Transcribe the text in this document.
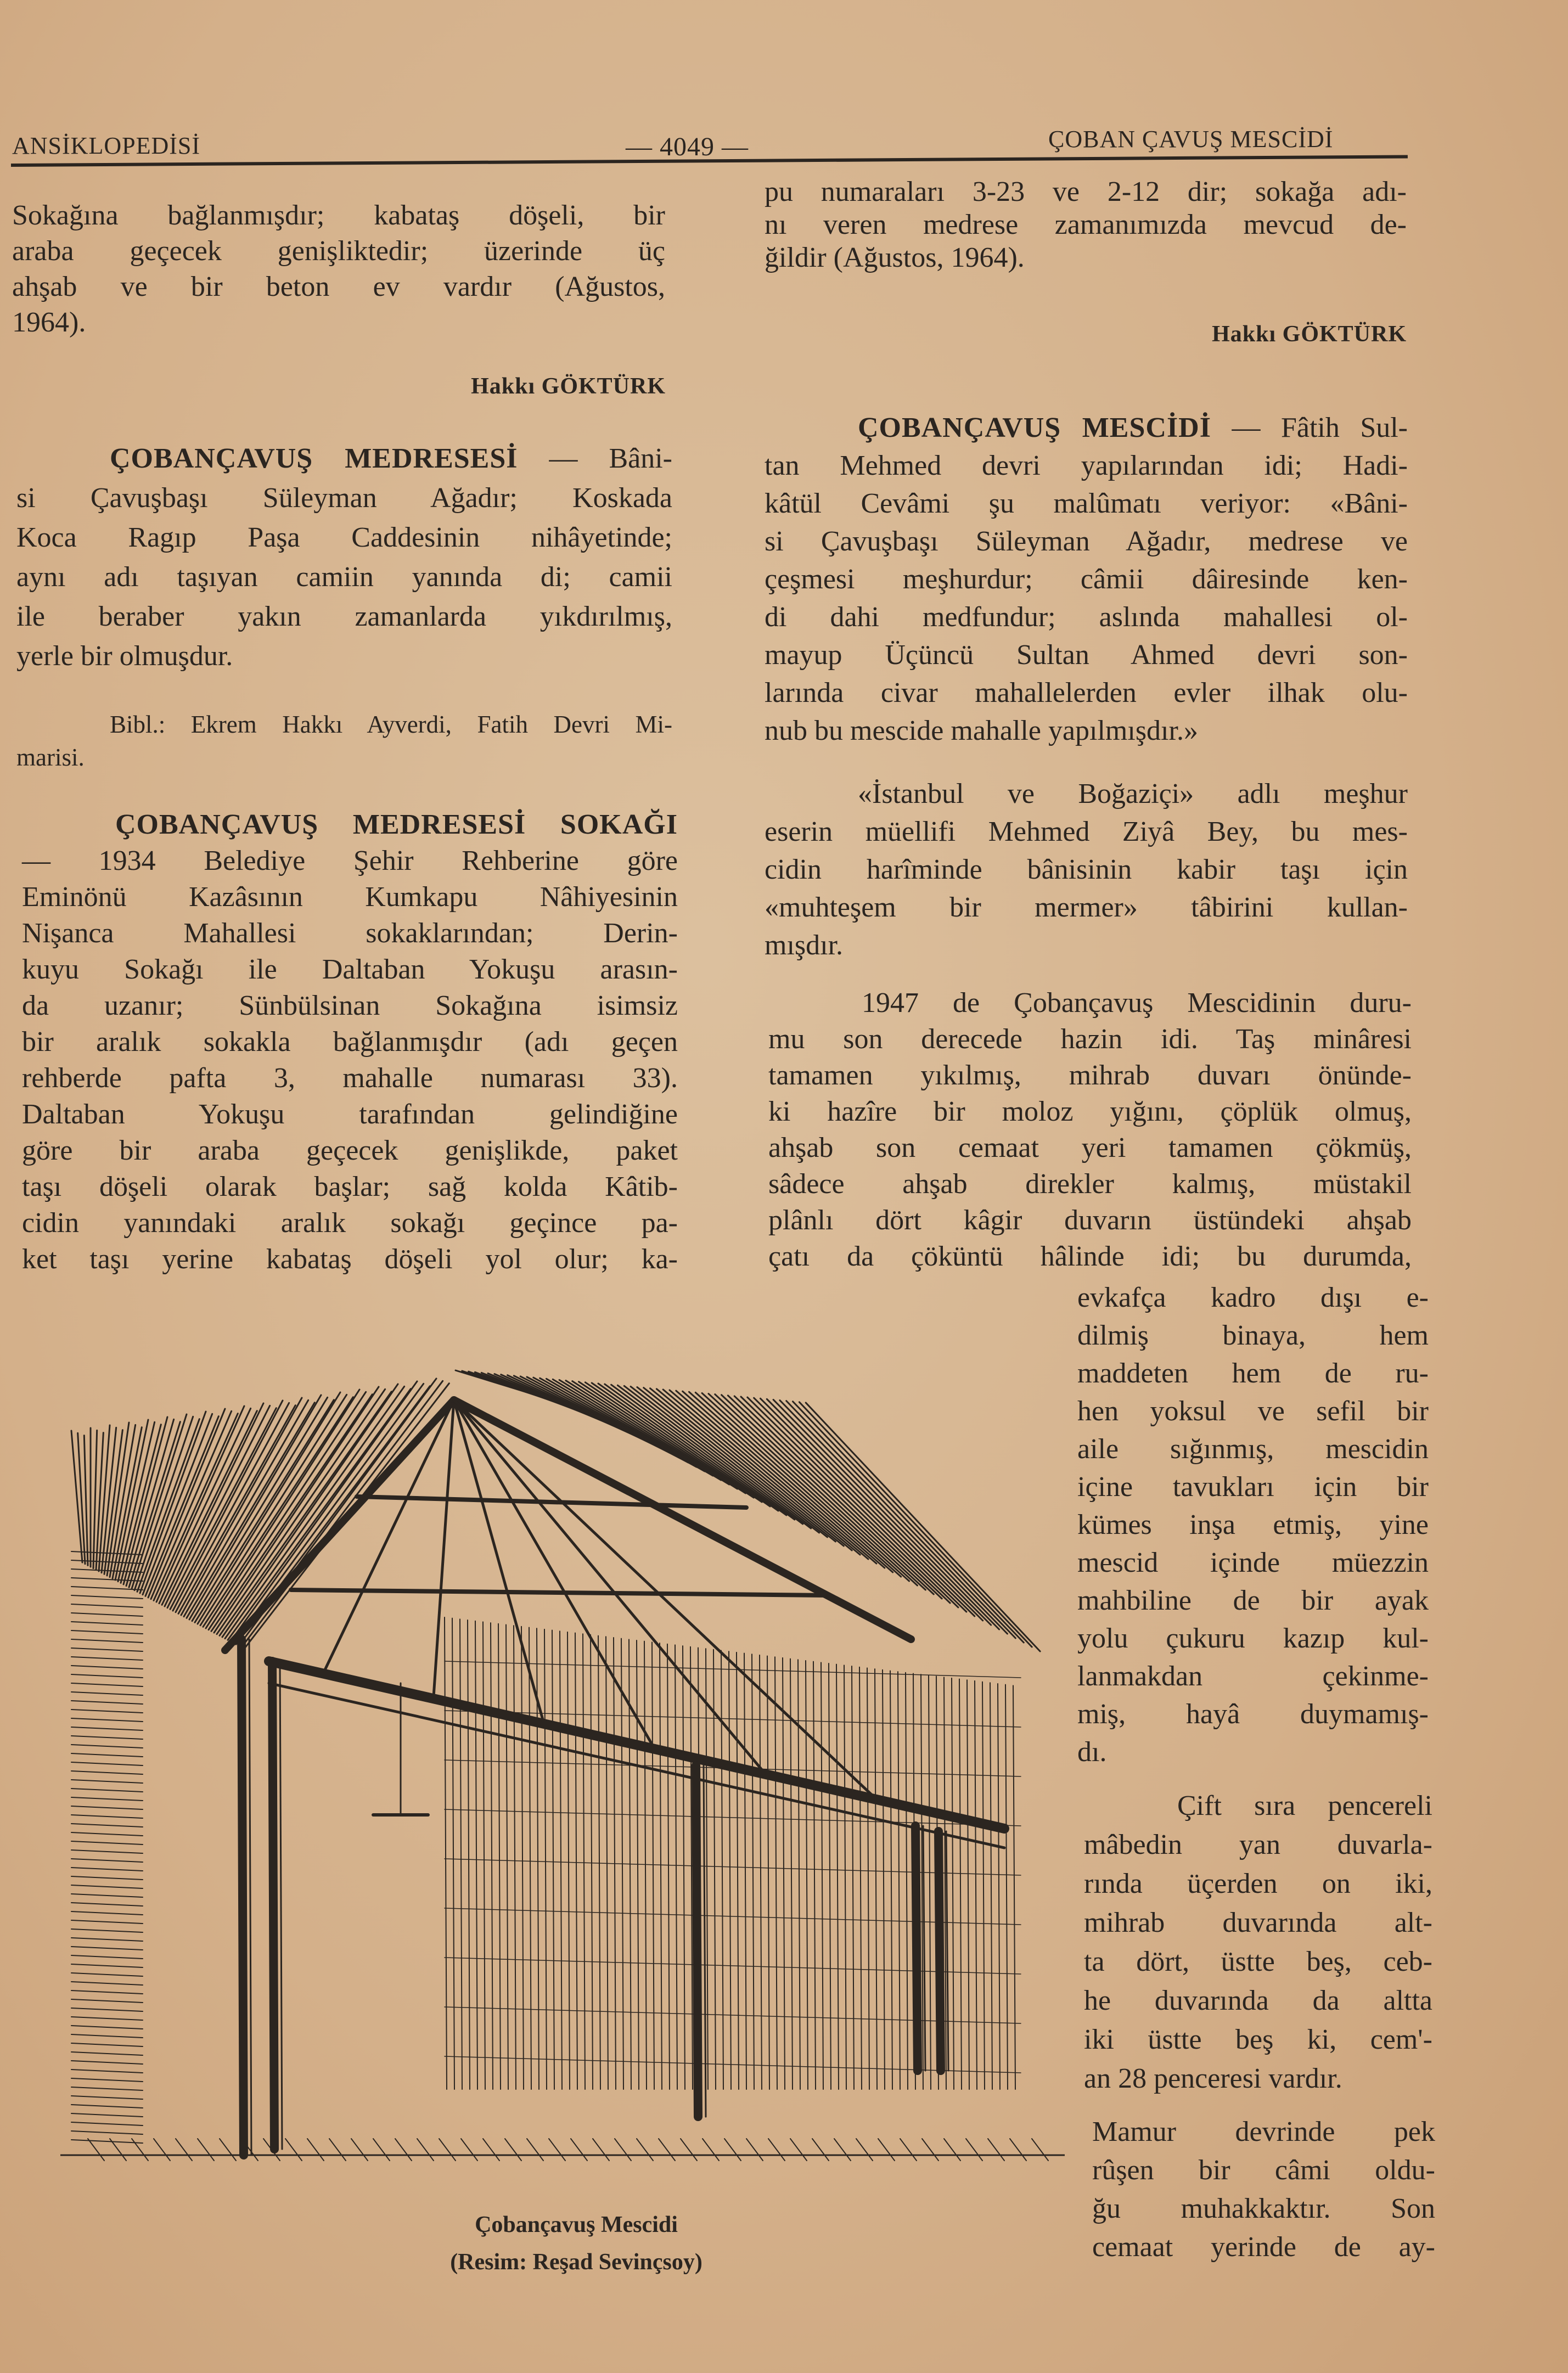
ANSİKLOPEDİSİ	— 4049 —	ÇOBAN ÇAVUŞ MESCİDİ
Sokağına bağlanmışdır; kabataş döşeli, bir
araba geçecek genişliktedir; üzerinde üç
ahşab ve bir beton ev vardır (Ağustos,
1964).
Hakkı GÖKTÜRK
ÇOBANÇAVUŞ MEDRESESİ — Bâni-
si Çavuşbaşı Süleyman Ağadır; Koskada
Koca Ragıp Paşa Caddesinin nihâyetinde;
aynı adı taşıyan camiin yanında di; camii
ile beraber yakın zamanlarda yıkdırılmış,
yerle bir olmuşdur.
Bibl.: Ekrem Hakkı Ayverdi, Fatih Devri Mi-
marisi.
ÇOBANÇAVUŞ MEDRESESİ SOKAĞI
— 1934 Belediye Şehir Rehberine göre
Eminönü Kazâsının Kumkapu Nâhiyesinin
Nişanca Mahallesi sokaklarından; Derin-
kuyu Sokağı ile Daltaban Yokuşu arasın-
da uzanır; Sünbülsinan Sokağına isimsiz
bir aralık sokakla bağlanmışdır (adı geçen
rehberde pafta 3, mahalle numarası 33).
Daltaban Yokuşu tarafından gelindiğine
göre bir araba geçecek genişlikde, paket
taşı döşeli olarak başlar; sağ kolda Kâtib-
cidin yanındaki aralık sokağı geçince pa-
ket taşı yerine kabataş döşeli yol olur; ka-
Çobançavuş Mescidi
(Resim: Reşad Sevinçsoy)
pu numaraları 3-23 ve 2-12 dir; sokağa adı-
nı veren medrese zamanımızda mevcud de-
ğildir (Ağustos, 1964).
Hakkı GÖKTÜRK
ÇOBANÇAVUŞ MESCİDİ — Fâtih Sul-
tan Mehmed devri yapılarından idi; Hadi-
kâtül Cevâmi şu malûmatı veriyor: «Bâni-
si Çavuşbaşı Süleyman Ağadır, medrese ve
çeşmesi meşhurdur; câmii dâiresinde ken-
di dahi medfundur; aslında mahallesi ol-
mayup Üçüncü Sultan Ahmed devri son-
larında civar mahallelerden evler ilhak olu-
nub bu mescide mahalle yapılmışdır.»
«İstanbul ve Boğaziçi» adlı meşhur
eserin müellifi Mehmed Ziyâ Bey, bu mes-
cidin harîminde bânisinin kabir taşı için
«muhteşem bir mermer» tâbirini kullan-
mışdır.
1947 de Çobançavuş Mescidinin duru-
mu son derecede hazin idi. Taş minâresi
tamamen yıkılmış, mihrab duvarı önünde-
ki hazîre bir moloz yığını, çöplük olmuş,
ahşab son cemaat yeri tamamen çökmüş,
sâdece ahşab direkler kalmış, müstakil
plânlı dört kâgir duvarın üstündeki ahşab
çatı da çöküntü hâlinde idi; bu durumda,
evkafça kadro dışı e-
dilmiş binaya, hem
maddeten hem de ru-
hen yoksul ve sefil bir
aile sığınmış, mescidin
içine tavukları için bir
kümes inşa etmiş, yine
mescid içinde müezzin
mahbiline de bir ayak
yolu çukuru kazıp kul-
lanmakdan çekinme-
miş, hayâ duymamış-
dı.
Çift sıra pencereli
mâbedin yan duvarla-
rında üçerden on iki,
mihrab duvarında alt-
ta dört, üstte beş, ceb-
he duvarında da altta
iki üstte beş ki, cem'-
an 28 penceresi vardır.
Mamur devrinde pek
rûşen bir câmi oldu-
ğu muhakkaktır. Son
cemaat yerinde de ay-
